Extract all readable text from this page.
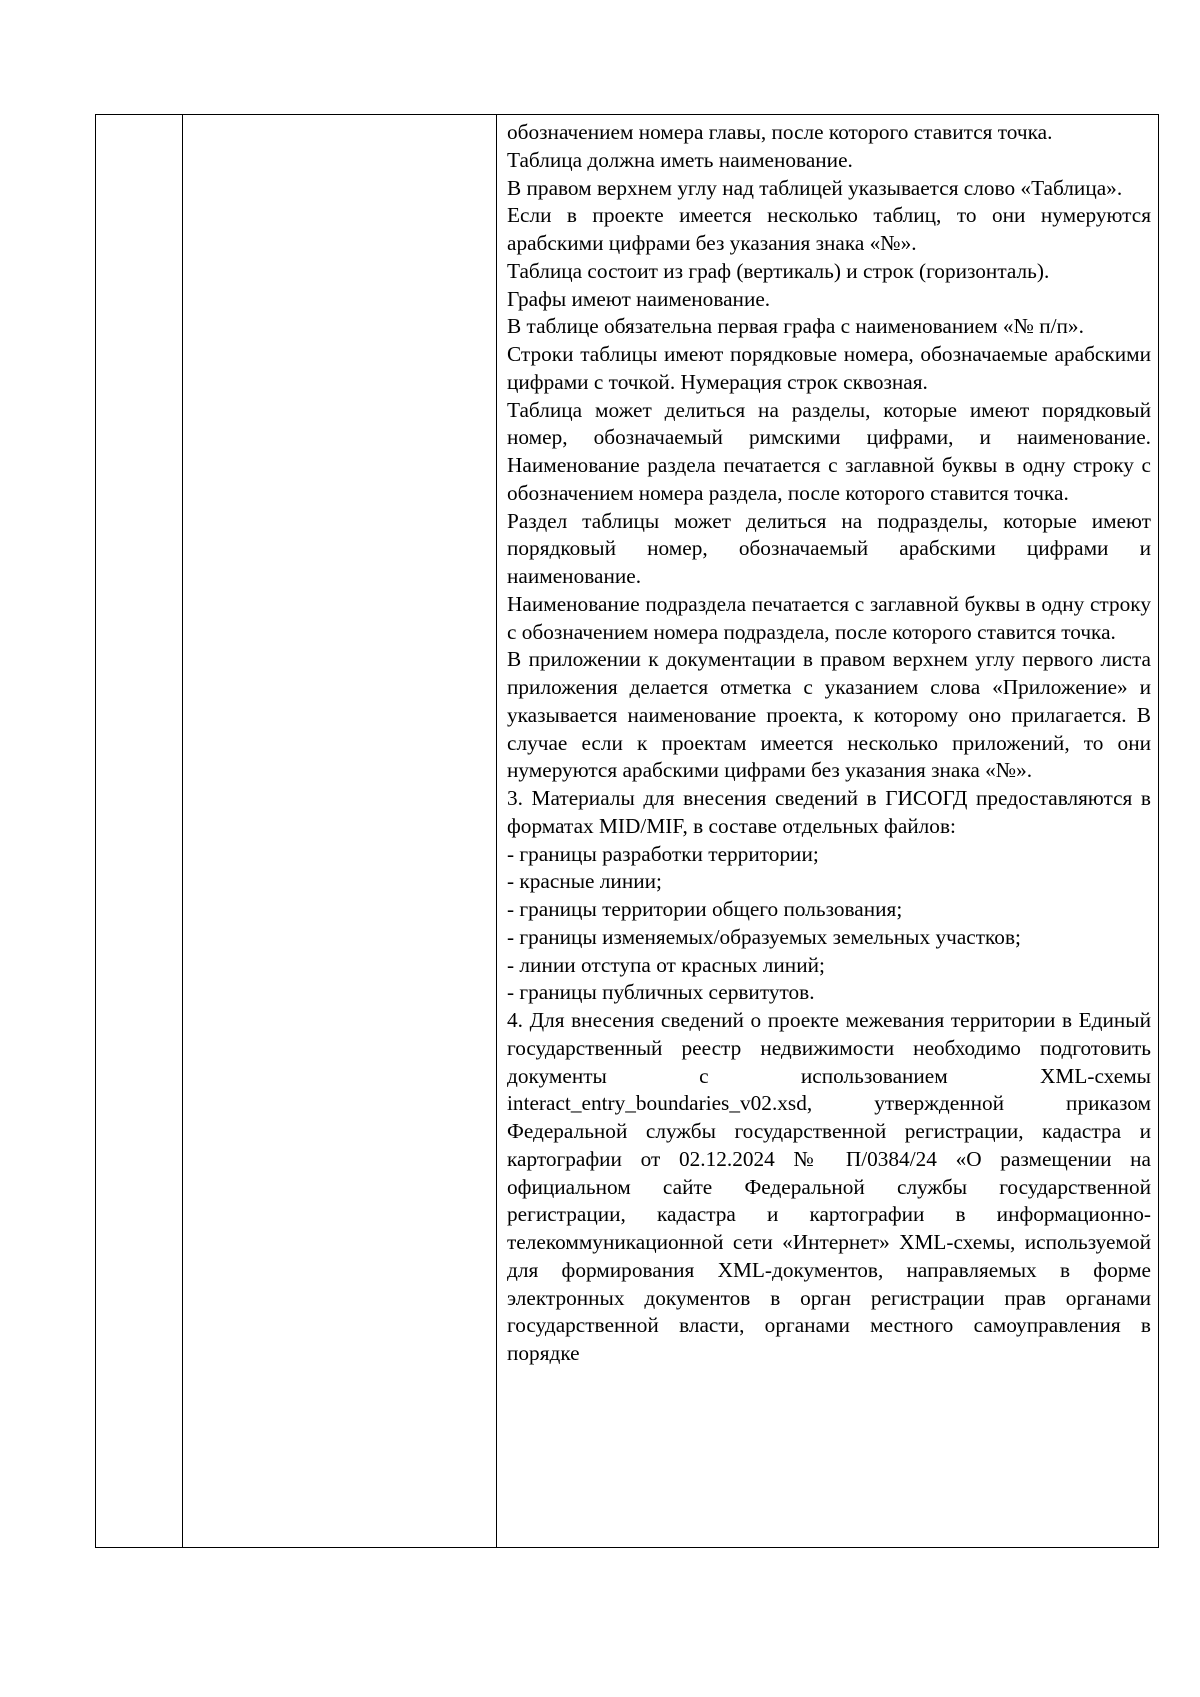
обозначением номера главы, после которого ставится точка.

Таблица должна иметь наименование.

В правом верхнем углу над таблицей указывается слово «Таблица».

Если в проекте имеется несколько таблиц, то они нумеруются арабскими цифрами без указания знака «№».

Таблица состоит из граф (вертикаль) и строк (горизонталь).

Графы имеют наименование.

В таблице обязательна первая графа с наименованием «№ п/п».

Строки таблицы имеют порядковые номера, обозначаемые арабскими цифрами с точкой. Нумерация строк сквозная.

Таблица может делиться на разделы, которые имеют порядковый номер, обозначаемый римскими цифрами, и наименование. Наименование раздела печатается с заглавной буквы в одну строку с обозначением номера раздела, после которого ставится точка.

Раздел таблицы может делиться на подразделы, которые имеют порядковый номер, обозначаемый арабскими цифрами и наименование.

Наименование подраздела печатается с заглавной буквы в одну строку с обозначением номера подраздела, после которого ставится точка.

В приложении к документации в правом верхнем углу первого листа приложения делается отметка с указанием слова «Приложение» и указывается наименование проекта, к которому оно прилагается. В случае если к проектам имеется несколько приложений, то они нумеруются арабскими цифрами без указания знака «№».

3. Материалы для внесения сведений в ГИСОГД предоставляются в форматах MID/MIF, в составе отдельных файлов:

- границы разработки территории;

- красные линии;

- границы территории общего пользования;

- границы изменяемых/образуемых земельных участков;

- линии отступа от красных линий;

- границы публичных сервитутов.

4. Для внесения сведений о проекте межевания территории в Единый государственный реестр недвижимости необходимо подготовить документы с использованием XML-схемы interact_entry_boundaries_v02.xsd, утвержденной приказом Федеральной службы государственной регистрации, кадастра и картографии от 02.12.2024 № П/0384/24 «О размещении на официальном сайте Федеральной службы государственной регистрации, кадастра и картографии в информационно-телекоммуникационной сети «Интернет» XML-схемы, используемой для формирования XML-документов, направляемых в форме электронных документов в орган регистрации прав органами государственной власти, органами местного самоуправления в порядке
